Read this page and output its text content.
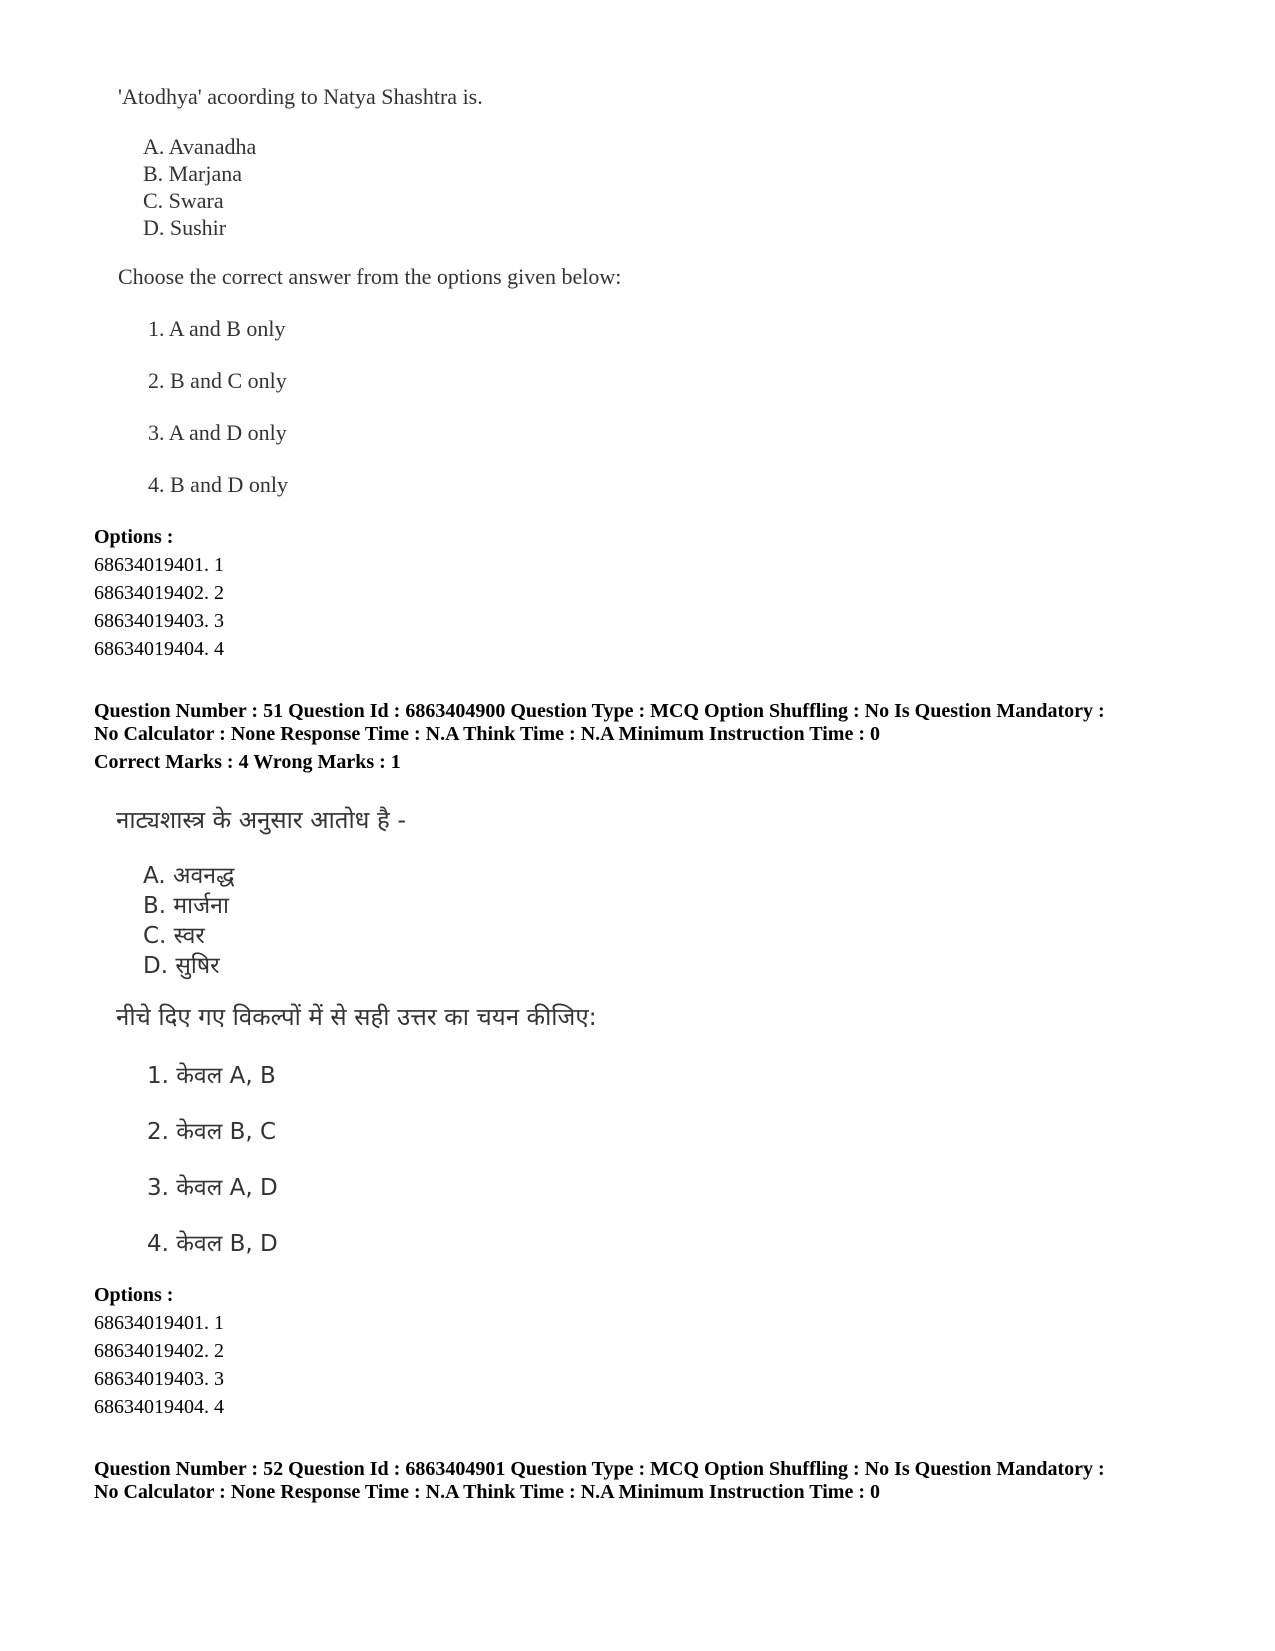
'Atodhya' acoording to Natya Shashtra is.
A. Avanadha
B. Marjana
C. Swara
D. Sushir
Choose the correct answer from the options given below:
1. A and B only
2. B and C only
3. A and D only
4. B and D only
Options :
68634019401. 1
68634019402. 2
68634019403. 3
68634019404. 4
Question Number : 51 Question Id : 6863404900 Question Type : MCQ Option Shuffling : No Is Question Mandatory :
No Calculator : None Response Time : N.A Think Time : N.A Minimum Instruction Time : 0
Correct Marks : 4 Wrong Marks : 1
नाट्यशास्त्र के अनुसार आतोध है -
A. अवनद्ध
B. मार्जना
C. स्वर
D. सुषिर
नीचे दिए गए विकल्पों में से सही उत्तर का चयन कीजिए:
1. केवल A, B
2. केवल B, C
3. केवल A, D
4. केवल B, D
Options :
68634019401. 1
68634019402. 2
68634019403. 3
68634019404. 4
Question Number : 52 Question Id : 6863404901 Question Type : MCQ Option Shuffling : No Is Question Mandatory :
No Calculator : None Response Time : N.A Think Time : N.A Minimum Instruction Time : 0
